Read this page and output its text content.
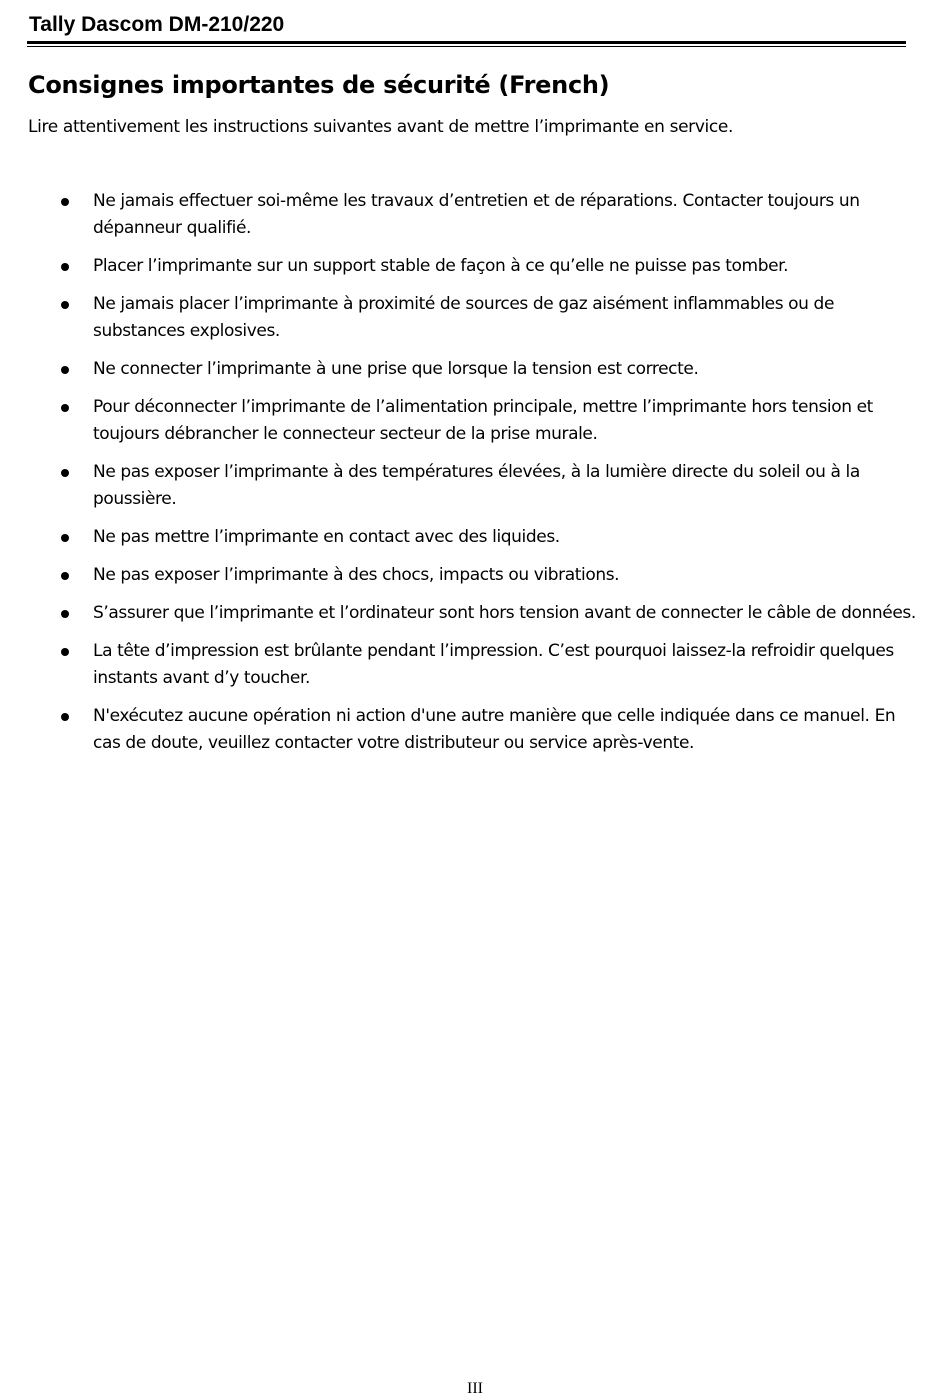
Tally Dascom DM-210/220
Consignes importantes de sécurité (French)

Lire attentivement les instructions suivantes avant de mettre l’imprimante en service.

Ne jamais effectuer soi-même les travaux d’entretien et de réparations. Contacter toujours un dépanneur qualifié.
Placer l’imprimante sur un support stable de façon à ce qu’elle ne puisse pas tomber.
Ne jamais placer l’imprimante à proximité de sources de gaz aisément inflammables ou de substances explosives.
Ne connecter l’imprimante à une prise que lorsque la tension est correcte.
Pour déconnecter l’imprimante de l’alimentation principale, mettre l’imprimante hors tension et toujours débrancher le connecteur secteur de la prise murale.
Ne pas exposer l’imprimante à des températures élevées, à la lumière directe du soleil ou à la poussière.
Ne pas mettre l’imprimante en contact avec des liquides.
Ne pas exposer l’imprimante à des chocs, impacts ou vibrations.
S’assurer que l’imprimante et l’ordinateur sont hors tension avant de connecter le câble de données.
La tête d’impression est brûlante pendant l’impression. C’est pourquoi laissez-la refroidir quelques instants avant d’y toucher.
N'exécutez aucune opération ni action d'une autre manière que celle indiquée dans ce manuel. En cas de doute, veuillez contacter votre distributeur ou service après-vente.
III
